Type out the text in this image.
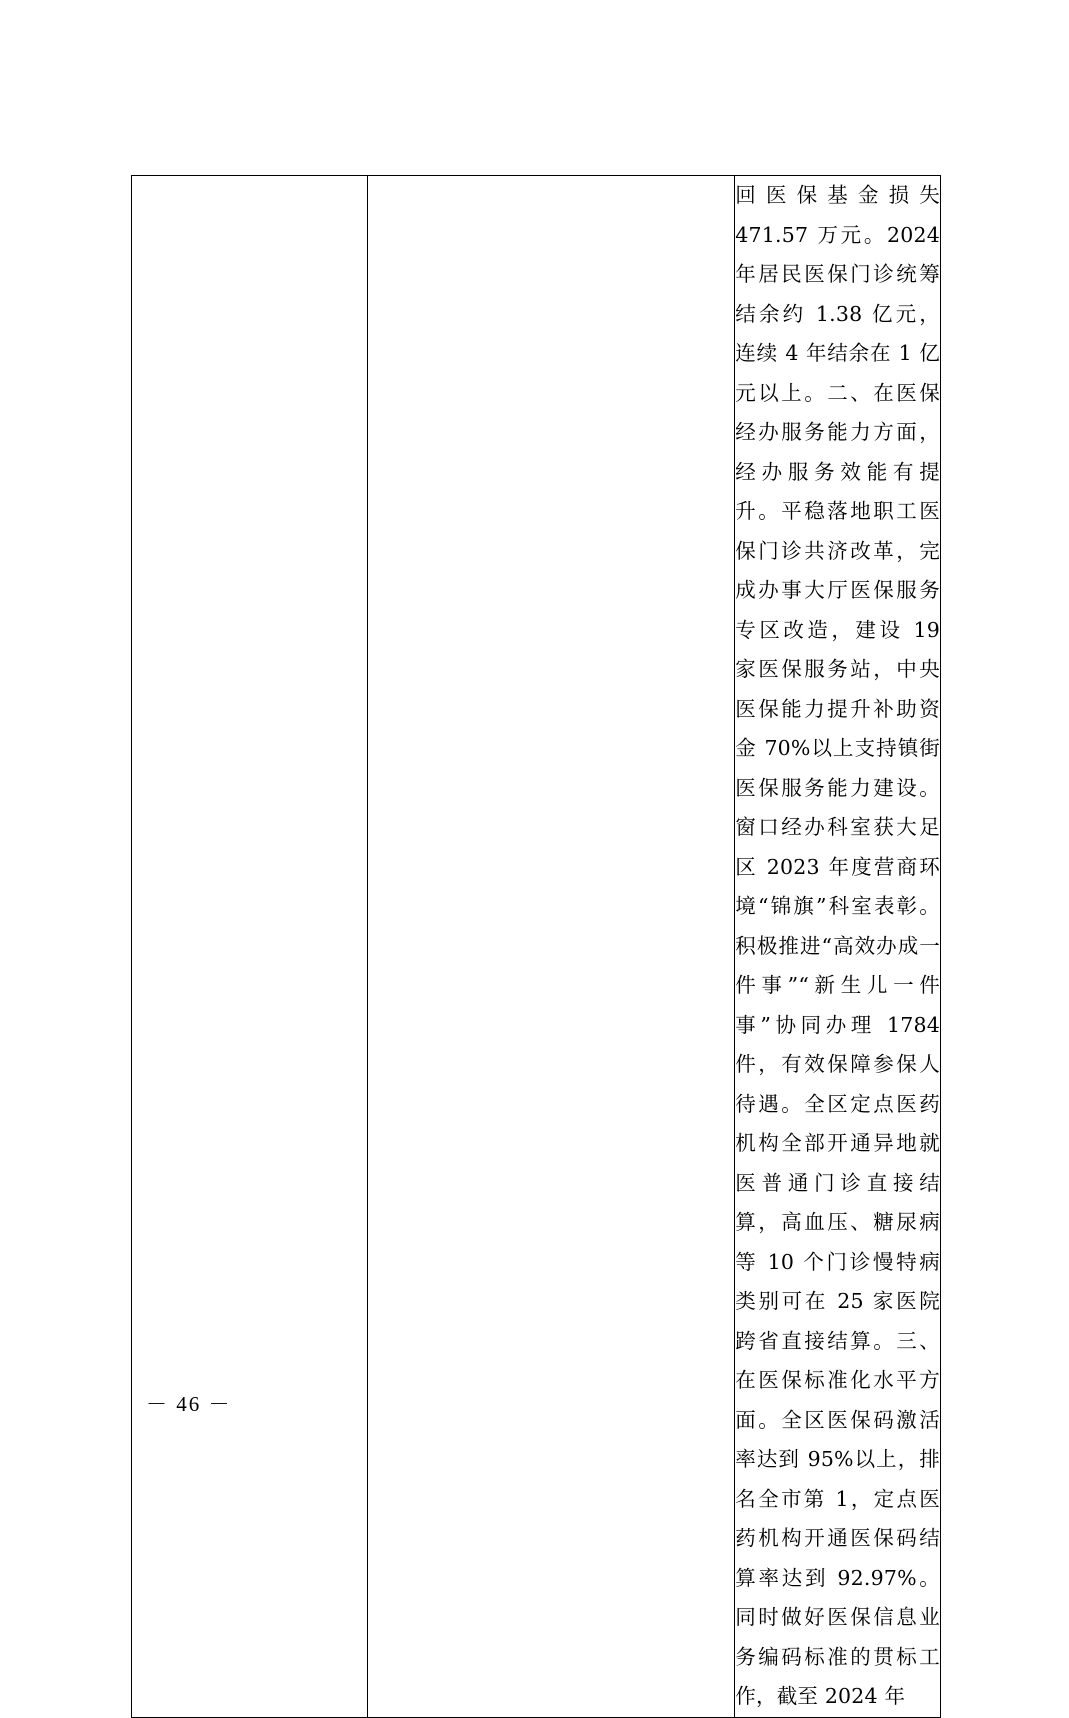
		回医保基金损失 471.57 万元。2024 年居民医保门诊统筹结余约 1.38 亿元，连续 4 年结余在 1 亿元以上。二、在医保经办服务能力方面，经办服务效能有提升。平稳落地职工医保门诊共济改革，完成办事大厅医保服务专区改造，建设 19 家医保服务站，中央医保能力提升补助资金 70%以上支持镇街医保服务能力建设。窗口经办科室获大足区 2023 年度营商环境“锦旗”科室表彰。积极推进“高效办成一件事”“新生儿一件事”协同办理 1784 件，有效保障参保人待遇。全区定点医药机构全部开通异地就医普通门诊直接结算，高血压、糖尿病等 10 个门诊慢特病类别可在 25 家医院跨省直接结算。三、在医保标准化水平方面。全区医保码激活率达到 95%以上，排名全市第 1，定点医药机构开通医保码结算率达到 92.97%。同时做好医保信息业务编码标准的贯标工作，截至 2024 年
－ 46 －
